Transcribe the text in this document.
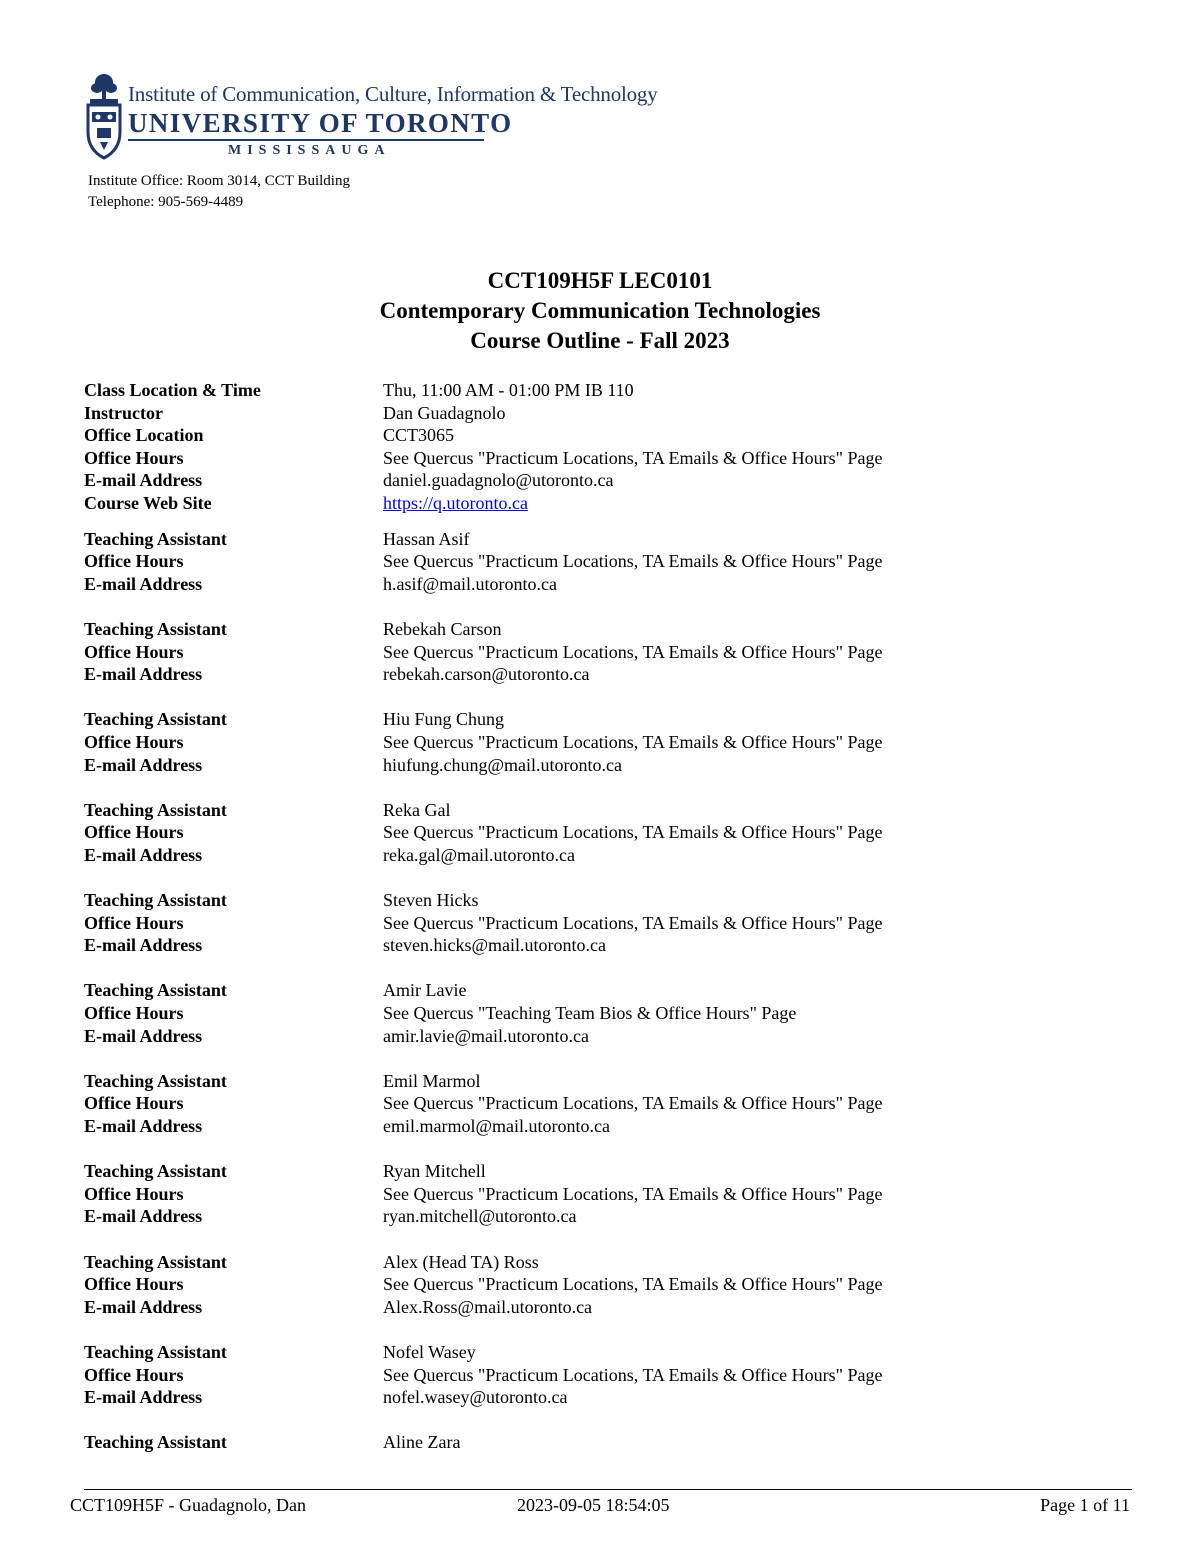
Institute of Communication, Culture, Information & Technology
UNIVERSITY OF TORONTO
MISSISSAUGA
Institute Office: Room 3014, CCT Building
Telephone: 905-569-4489
CCT109H5F LEC0101
Contemporary Communication Technologies
Course Outline - Fall 2023
Class Location & Time	Thu, 11:00 AM - 01:00 PM IB 110
Instructor	Dan Guadagnolo
Office Location	CCT3065
Office Hours	See Quercus "Practicum Locations, TA Emails & Office Hours" Page
E-mail Address	daniel.guadagnolo@utoronto.ca
Course Web Site	https://q.utoronto.ca
Teaching Assistant	Hassan Asif
Office Hours	See Quercus "Practicum Locations, TA Emails & Office Hours" Page
E-mail Address	h.asif@mail.utoronto.ca
Teaching Assistant	Rebekah Carson
Office Hours	See Quercus "Practicum Locations, TA Emails & Office Hours" Page
E-mail Address	rebekah.carson@utoronto.ca
Teaching Assistant	Hiu Fung Chung
Office Hours	See Quercus "Practicum Locations, TA Emails & Office Hours" Page
E-mail Address	hiufung.chung@mail.utoronto.ca
Teaching Assistant	Reka Gal
Office Hours	See Quercus "Practicum Locations, TA Emails & Office Hours" Page
E-mail Address	reka.gal@mail.utoronto.ca
Teaching Assistant	Steven Hicks
Office Hours	See Quercus "Practicum Locations, TA Emails & Office Hours" Page
E-mail Address	steven.hicks@mail.utoronto.ca
Teaching Assistant	Amir Lavie
Office Hours	See Quercus "Teaching Team Bios & Office Hours" Page
E-mail Address	amir.lavie@mail.utoronto.ca
Teaching Assistant	Emil Marmol
Office Hours	See Quercus "Practicum Locations, TA Emails & Office Hours" Page
E-mail Address	emil.marmol@mail.utoronto.ca
Teaching Assistant	Ryan Mitchell
Office Hours	See Quercus "Practicum Locations, TA Emails & Office Hours" Page
E-mail Address	ryan.mitchell@utoronto.ca
Teaching Assistant	Alex (Head TA) Ross
Office Hours	See Quercus "Practicum Locations, TA Emails & Office Hours" Page
E-mail Address	Alex.Ross@mail.utoronto.ca
Teaching Assistant	Nofel Wasey
Office Hours	See Quercus "Practicum Locations, TA Emails & Office Hours" Page
E-mail Address	nofel.wasey@utoronto.ca
Teaching Assistant	Aline Zara
CCT109H5F - Guadagnolo, Dan	2023-09-05 18:54:05	Page 1 of 11
